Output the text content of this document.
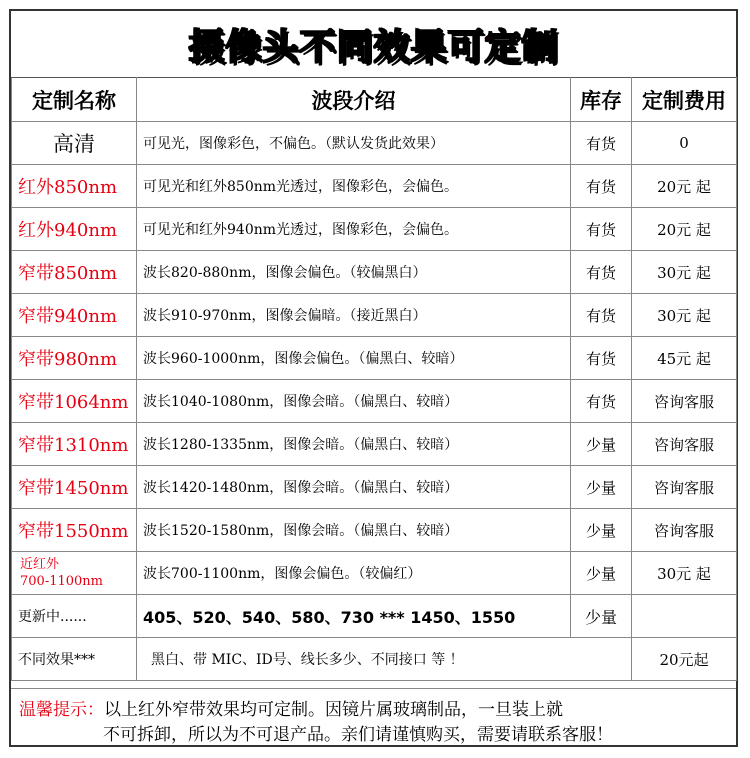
摄像头不同效果可定制
定制名称	波段介绍	库存	定制费用
高清	可见光，图像彩色，不偏色。（默认发货此效果）	有货	0
红外850nm	可见光和红外850nm光透过，图像彩色，会偏色。	有货	20元 起
红外940nm	可见光和红外940nm光透过，图像彩色，会偏色。	有货	20元 起
窄带850nm	波长820-880nm，图像会偏色。（较偏黑白）	有货	30元 起
窄带940nm	波长910-970nm，图像会偏暗。（接近黑白）	有货	30元 起
窄带980nm	波长960-1000nm，图像会偏色。（偏黑白、较暗）	有货	45元 起
窄带1064nm	波长1040-1080nm，图像会暗。（偏黑白、较暗）	有货	咨询客服
窄带1310nm	波长1280-1335nm，图像会暗。（偏黑白、较暗）	少量	咨询客服
窄带1450nm	波长1420-1480nm，图像会暗。（偏黑白、较暗）	少量	咨询客服
窄带1550nm	波长1520-1580nm，图像会暗。（偏黑白、较暗）	少量	咨询客服

近红外
700-1100nm	波长700-1100nm，图像会偏色。（较偏红）	少量	30元 起
更新中......	405、520、540、580、730 *** 1450、1550	少量	
不同效果***	黑白、带 MIC、ID号、线长多少、不同接口 等 ！		20元起
温馨提示：以上红外窄带效果均可定制。因镜片属玻璃制品，一旦装上就
不可拆卸，所以为不可退产品。亲们请谨慎购买，需要请联系客服！
